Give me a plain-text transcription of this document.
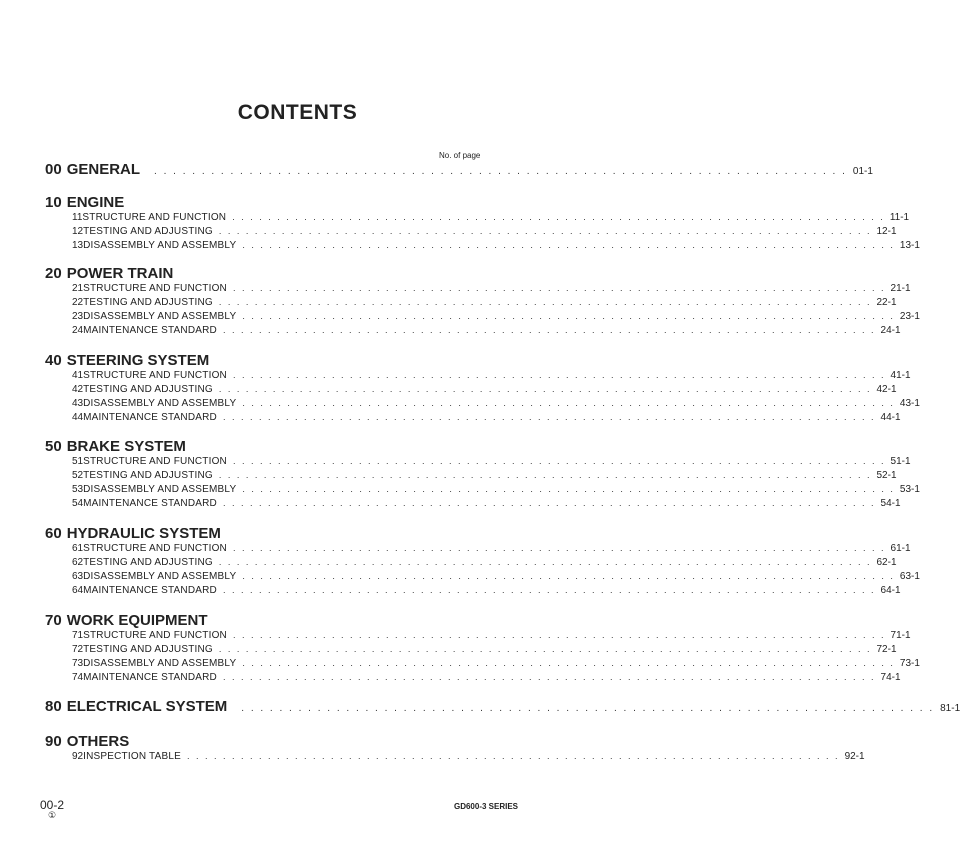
CONTENTS
No. of page
00 GENERAL . . . . . . . . . . . . . . . . . . . . . . . . . . . . . . . . . . . . . . . . . . . . . . . . . . . . . . . . . . . . . . . . . . . . . . . . . 01-1
10 ENGINE
11 STRUCTURE AND FUNCTION . . . . . . . . . . . . . . . . . . . . . . . . . . . . . . . . . . . . . . . . . . . . . . . . . . . . . . . . . . . . . . . . . . . . . . . . . 11-1
12 TESTING AND ADJUSTING . . . . . . . . . . . . . . . . . . . . . . . . . . . . . . . . . . . . . . . . . . . . . . . . . . . . . . . . . . . . . . . . . . . . . . . . . 12-1
13 DISASSEMBLY AND ASSEMBLY . . . . . . . . . . . . . . . . . . . . . . . . . . . . . . . . . . . . . . . . . . . . . . . . . . . . . . . . . . . . . . . . . . . . . . . . . 13-1
20 POWER TRAIN
21 STRUCTURE AND FUNCTION . . . . . . . . . . . . . . . . . . . . . . . . . . . . . . . . . . . . . . . . . . . . . . . . . . . . . . . . . . . . . . . . . . . . . . . . . 21-1
22 TESTING AND ADJUSTING . . . . . . . . . . . . . . . . . . . . . . . . . . . . . . . . . . . . . . . . . . . . . . . . . . . . . . . . . . . . . . . . . . . . . . . . . 22-1
23 DISASSEMBLY AND ASSEMBLY . . . . . . . . . . . . . . . . . . . . . . . . . . . . . . . . . . . . . . . . . . . . . . . . . . . . . . . . . . . . . . . . . . . . . . . . . 23-1
24 MAINTENANCE STANDARD . . . . . . . . . . . . . . . . . . . . . . . . . . . . . . . . . . . . . . . . . . . . . . . . . . . . . . . . . . . . . . . . . . . . . . . . . 24-1
40 STEERING SYSTEM
41 STRUCTURE AND FUNCTION . . . . . . . . . . . . . . . . . . . . . . . . . . . . . . . . . . . . . . . . . . . . . . . . . . . . . . . . . . . . . . . . . . . . . . . . . 41-1
42 TESTING AND ADJUSTING . . . . . . . . . . . . . . . . . . . . . . . . . . . . . . . . . . . . . . . . . . . . . . . . . . . . . . . . . . . . . . . . . . . . . . . . . 42-1
43 DISASSEMBLY AND ASSEMBLY . . . . . . . . . . . . . . . . . . . . . . . . . . . . . . . . . . . . . . . . . . . . . . . . . . . . . . . . . . . . . . . . . . . . . . . . . 43-1
44 MAINTENANCE STANDARD . . . . . . . . . . . . . . . . . . . . . . . . . . . . . . . . . . . . . . . . . . . . . . . . . . . . . . . . . . . . . . . . . . . . . . . . . 44-1
50 BRAKE SYSTEM
51 STRUCTURE AND FUNCTION . . . . . . . . . . . . . . . . . . . . . . . . . . . . . . . . . . . . . . . . . . . . . . . . . . . . . . . . . . . . . . . . . . . . . . . . . 51-1
52 TESTING AND ADJUSTING . . . . . . . . . . . . . . . . . . . . . . . . . . . . . . . . . . . . . . . . . . . . . . . . . . . . . . . . . . . . . . . . . . . . . . . . . 52-1
53 DISASSEMBLY AND ASSEMBLY . . . . . . . . . . . . . . . . . . . . . . . . . . . . . . . . . . . . . . . . . . . . . . . . . . . . . . . . . . . . . . . . . . . . . . . . . 53-1
54 MAINTENANCE STANDARD . . . . . . . . . . . . . . . . . . . . . . . . . . . . . . . . . . . . . . . . . . . . . . . . . . . . . . . . . . . . . . . . . . . . . . . . . 54-1
60 HYDRAULIC SYSTEM
61 STRUCTURE AND FUNCTION . . . . . . . . . . . . . . . . . . . . . . . . . . . . . . . . . . . . . . . . . . . . . . . . . . . . . . . . . . . . . . . . . . . . . . . . . 61-1
62 TESTING AND ADJUSTING . . . . . . . . . . . . . . . . . . . . . . . . . . . . . . . . . . . . . . . . . . . . . . . . . . . . . . . . . . . . . . . . . . . . . . . . . 62-1
63 DISASSEMBLY AND ASSEMBLY . . . . . . . . . . . . . . . . . . . . . . . . . . . . . . . . . . . . . . . . . . . . . . . . . . . . . . . . . . . . . . . . . . . . . . . . . 63-1
64 MAINTENANCE STANDARD . . . . . . . . . . . . . . . . . . . . . . . . . . . . . . . . . . . . . . . . . . . . . . . . . . . . . . . . . . . . . . . . . . . . . . . . . 64-1
70 WORK EQUIPMENT
71 STRUCTURE AND FUNCTION . . . . . . . . . . . . . . . . . . . . . . . . . . . . . . . . . . . . . . . . . . . . . . . . . . . . . . . . . . . . . . . . . . . . . . . . . 71-1
72 TESTING AND ADJUSTING . . . . . . . . . . . . . . . . . . . . . . . . . . . . . . . . . . . . . . . . . . . . . . . . . . . . . . . . . . . . . . . . . . . . . . . . . 72-1
73 DISASSEMBLY AND ASSEMBLY . . . . . . . . . . . . . . . . . . . . . . . . . . . . . . . . . . . . . . . . . . . . . . . . . . . . . . . . . . . . . . . . . . . . . . . . . 73-1
74 MAINTENANCE STANDARD . . . . . . . . . . . . . . . . . . . . . . . . . . . . . . . . . . . . . . . . . . . . . . . . . . . . . . . . . . . . . . . . . . . . . . . . . 74-1
80 ELECTRICAL SYSTEM . . . . . . . . . . . . . . . . . . . . . . . . . . . . . . . . . . . . . . . . . . . . . . . . . . . . . . . . . . . . . . . . . . . . . . . . . 81-1
90 OTHERS
92 INSPECTION TABLE . . . . . . . . . . . . . . . . . . . . . . . . . . . . . . . . . . . . . . . . . . . . . . . . . . . . . . . . . . . . . . . . . . . . . . . . . 92-1
00-2
①
GD600-3 SERIES
